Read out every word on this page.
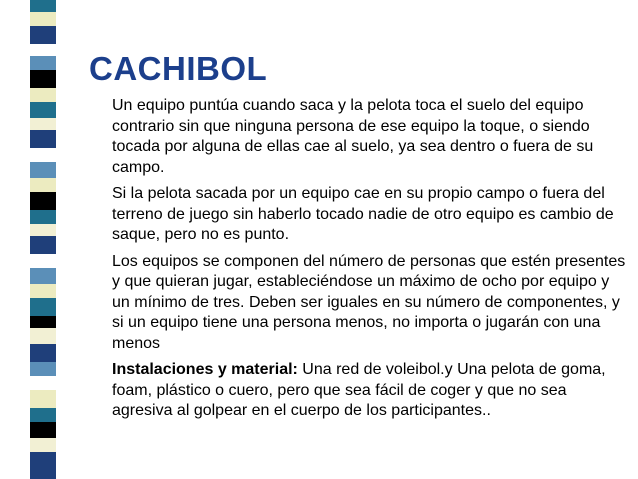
CACHIBOL

Un equipo puntúa cuando saca y la pelota toca el suelo del equipo contrario sin que ninguna persona de ese equipo la toque, o siendo tocada por alguna de ellas cae al suelo, ya sea dentro o fuera de su campo.

Si la pelota sacada por un equipo cae en su propio campo o fuera del terreno de juego sin haberlo tocado nadie de otro equipo es cambio de saque, pero no es punto.

Los equipos se componen del número de personas que estén presentes y que quieran jugar, estableciéndose un máximo de ocho por equipo y un mínimo de tres. Deben ser iguales en su número de componentes, y si un equipo tiene una persona menos, no importa o jugarán con una menos

Instalaciones y material: Una red de voleibol.y Una pelota de goma, foam, plástico o cuero, pero que sea fácil de coger y que no sea agresiva al golpear en el cuerpo de los participantes..
